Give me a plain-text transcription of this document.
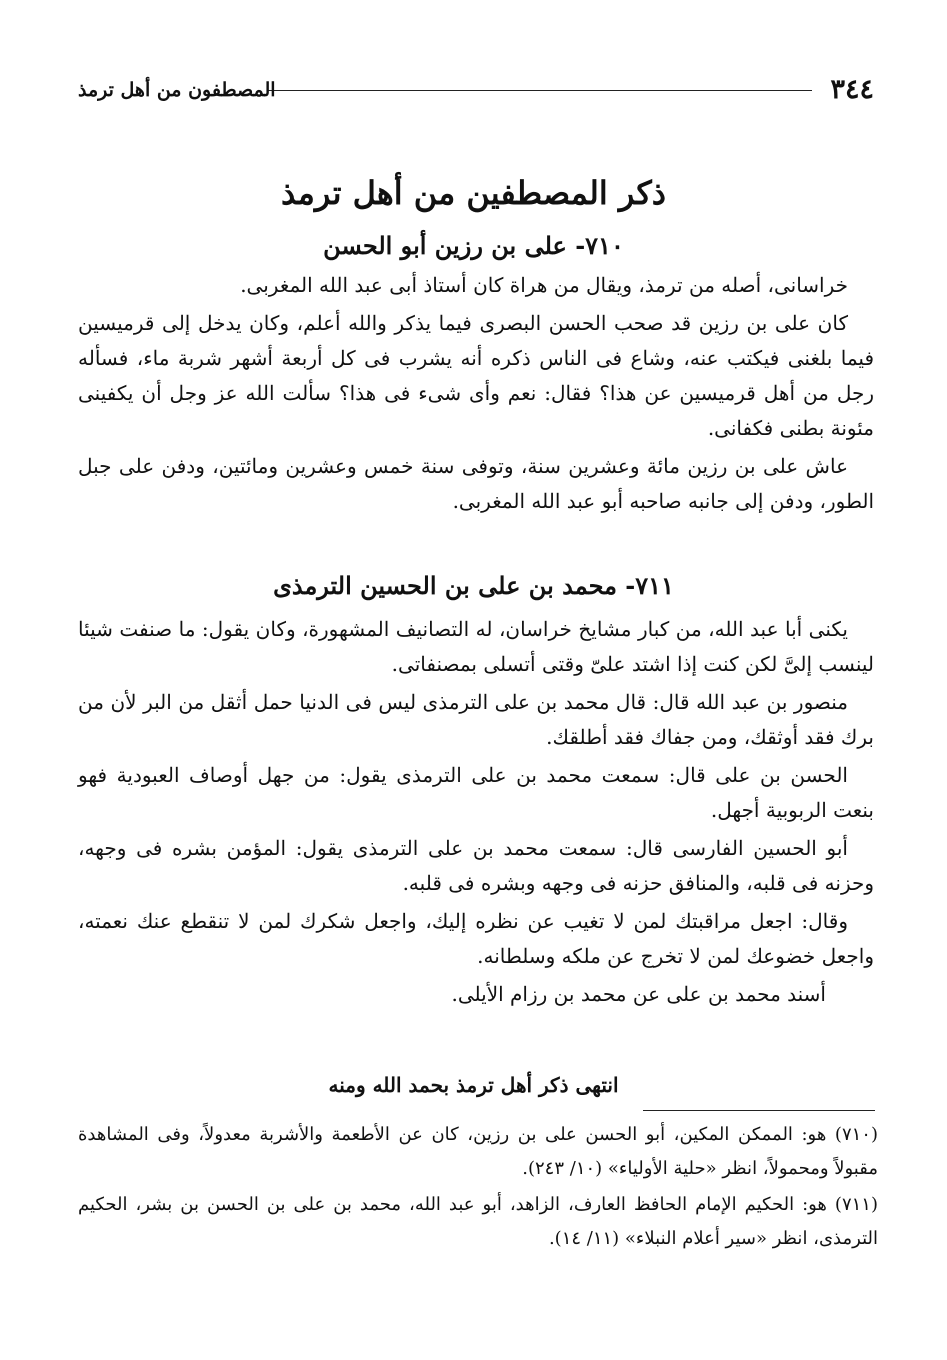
٣٤٤
المصطفون من أهل ترمذ
ذكر المصطفين من أهل ترمذ
٧١٠- على بن رزين أبو الحسن

خراسانى، أصله من ترمذ، ويقال من هراة كان أستاذ أبى عبد الله المغربى.

كان على بن رزين قد صحب الحسن البصرى فيما يذكر والله أعلم، وكان يدخل إلى قرميسين فيما بلغنى فيكتب عنه، وشاع فى الناس ذكره أنه يشرب فى كل أربعة أشهر شربة ماء، فسأله رجل من أهل قرميسين عن هذا؟ فقال: نعم وأى شىء فى هذا؟ سألت الله عز وجل أن يكفينى مئونة بطنى فكفانى.

عاش على بن رزين مائة وعشرين سنة، وتوفى سنة خمس وعشرين ومائتين، ودفن على جبل الطور، ودفن إلى جانبه صاحبه أبو عبد الله المغربى.

٧١١- محمد بن على بن الحسين الترمذى

يكنى أبا عبد الله، من كبار مشايخ خراسان، له التصانيف المشهورة، وكان يقول: ما صنفت شيئا لينسب إلىَّ لكن كنت إذا اشتد علىّ وقتى أتسلى بمصنفاتى.

منصور بن عبد الله قال: قال محمد بن على الترمذى ليس فى الدنيا حمل أثقل من البر لأن من برك فقد أوثقك، ومن جفاك فقد أطلقك.

الحسن بن على قال: سمعت محمد بن على الترمذى يقول: من جهل أوصاف العبودية فهو بنعت الربوبية أجهل.

أبو الحسين الفارسى قال: سمعت محمد بن على الترمذى يقول: المؤمن بشره فى وجهه، وحزنه فى قلبه، والمنافق حزنه فى وجهه وبشره فى قلبه.

وقال: اجعل مراقبتك لمن لا تغيب عن نظره إليك، واجعل شكرك لمن لا تنقطع عنك نعمته، واجعل خضوعك لمن لا تخرج عن ملكه وسلطانه.

أسند محمد بن على عن محمد بن رزام الأيلى.

انتهى ذكر أهل ترمذ بحمد الله ومنه

(٧١٠) هو: الممكن المكين، أبو الحسن على بن رزين، كان عن الأطعمة والأشربة معدولاً، وفى المشاهدة مقبولاً ومحمولاً، انظر «حلية الأولياء» (١٠/ ٢٤٣).

(٧١١) هو: الحكيم الإمام الحافظ العارف، الزاهد، أبو عبد الله، محمد بن على بن الحسن بن بشر، الحكيم الترمذى، انظر «سير أعلام النبلاء» (١١/ ١٤).
